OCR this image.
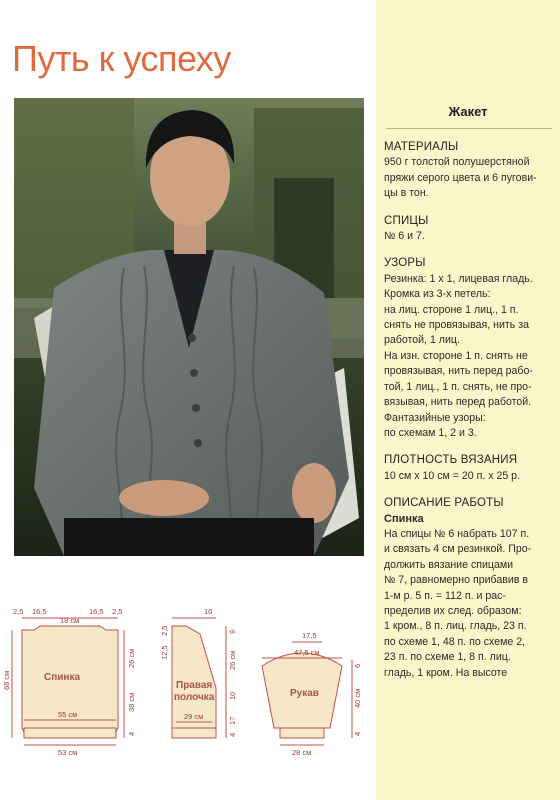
Путь к успеху
Жакет
МАТЕРИАЛЫ
950 г толстой полушерстяной
пряжи серого цвета и 6 пугови-
цы в тон.
СПИЦЫ
№ 6 и 7.
УЗОРЫ
Резинка: 1 х 1, лицевая гладь.
Кромка из 3-х петель:
на лиц. стороне 1 лиц., 1 п.
снять не провязывая, нить за
работой, 1 лиц.
На изн. стороне 1 п. снять не
провязывая, нить перед рабо-
той, 1 лиц., 1 п. снять, не про-
вязывая, нить перед работой.
Фантазийные узоры:
по схемам 1, 2 и 3.
ПЛОТНОСТЬ ВЯЗАНИЯ
10 см х 10 см = 20 п. х 25 р.
ОПИСАНИЕ РАБОТЫ
Спинка
На спицы № 6 набрать 107 п.
и связать 4 см резинкой. Про-
должить вязание спицами
№ 7, равномерно прибавив в
1-м р. 5 п. = 112 п. и рас-
пределив их след. образом:
1 кром., 8 п. лиц. гладь, 23 п.
по схеме 1, 48 п. по схеме 2,
23 п. по схеме 1, 8 п. лиц.
гладь, 1 кром. На высоте
2,5 16,5
18 см
16,5 2,5
68 см
26 см
38 см
4
55 см
53 см
Спинка
10
2,5
12,5
9
26 см
10
17
4
29 см
Правая
полочка
17,5
47,5 см
6
40 см
4
28 см
Рукав
